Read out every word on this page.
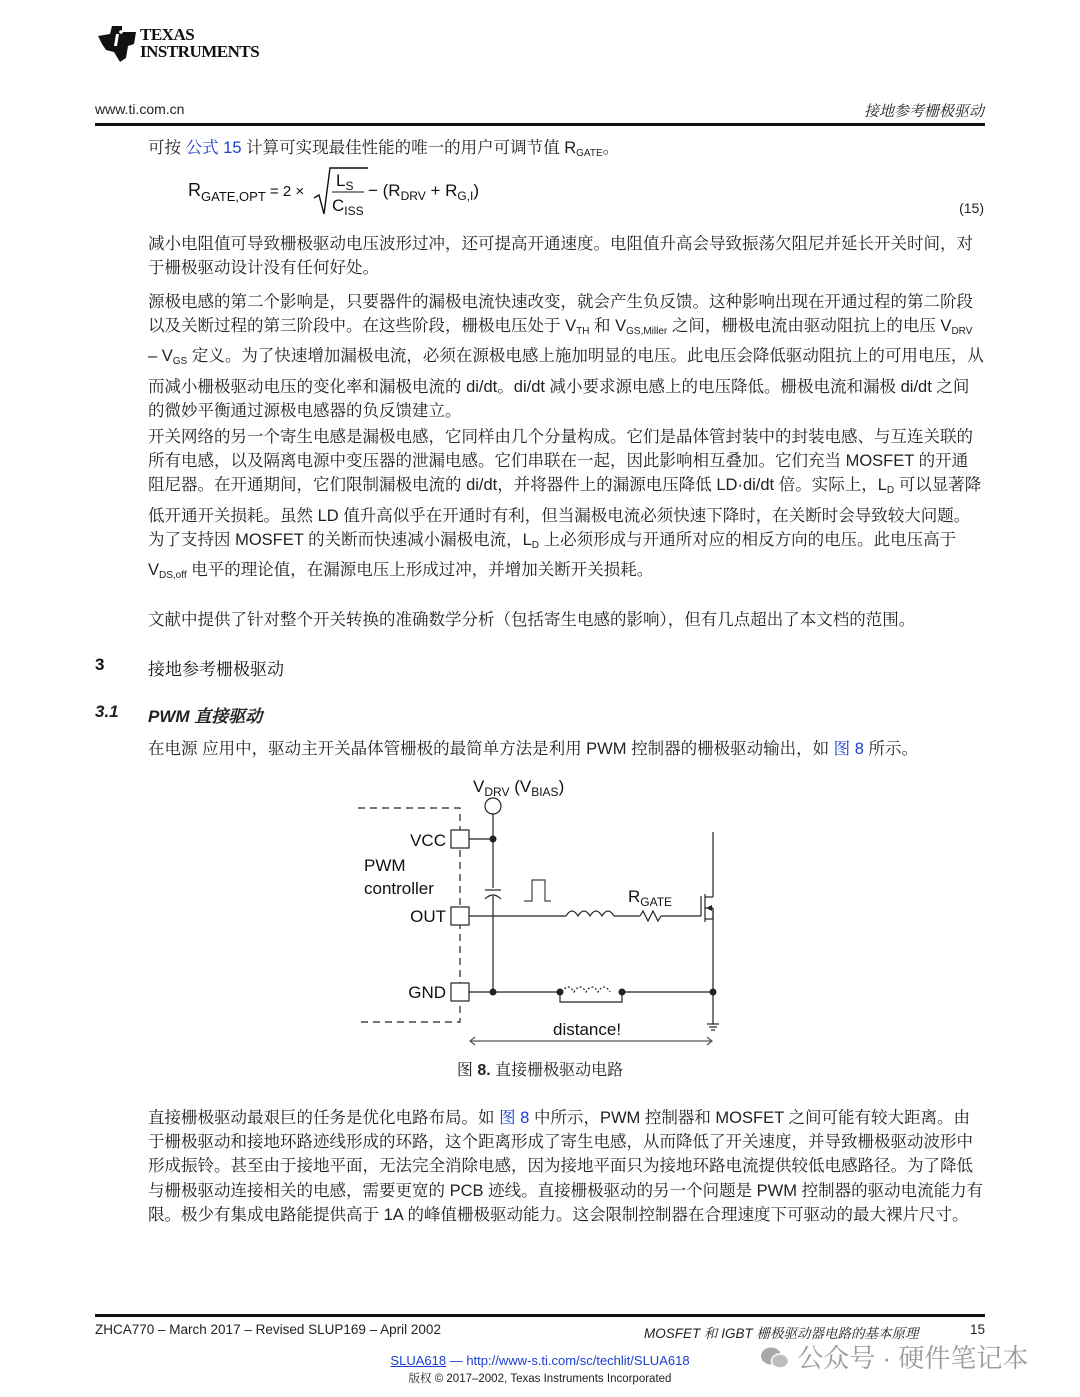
TEXAS
INSTRUMENTS
www.ti.com.cn	接地参考栅极驱动
可按 公式 15 计算可实现最佳性能的唯一的用户可调节值 $R_{GATE}$。
$R_{GATE,OPT}$ $^{= 2 \times}$
$L_S$
$C_{ISS}$
− $(R_{DRV} + R_{G,I})$
(15)
减小电阻值可导致栅极驱动电压波形过冲，还可提高开通速度。电阻值升高会导致振荡欠阻尼并延长开关时间，对于栅极驱动设计没有任何好处。
源极电感的第二个影响是，只要器件的漏极电流快速改变，就会产生负反馈。这种影响出现在开通过程的第二阶段以及关断过程的第三阶段中。在这些阶段，栅极电压处于 $V_{TH}$ 和 $V_{GS,Miller}$ 之间，栅极电流由驱动阻抗上的电压 $V_{DRV} - V_{GS}$ 定义。为了快速增加漏极电流，必须在源极电感上施加明显的电压。此电压会降低驱动阻抗上的可用电压，从而减小栅极驱动电压的变化率和漏极电流的 di/dt。di/dt 减小要求源电感上的电压降低。栅极电流和漏极 di/dt 之间的微妙平衡通过源极电感器的负反馈建立。
开关网络的另一个寄生电感是漏极电感，它同样由几个分量构成。它们是晶体管封装中的封装电感、与互连关联的所有电感，以及隔离电源中变压器的泄漏电感。它们串联在一起，因此影响相互叠加。它们充当 MOSFET 的开通阻尼器。在开通期间，它们限制漏极电流的 di/dt，并将器件上的漏源电压降低 LD·di/dt 倍。实际上，$L_D$ 可以显著降低开通开关损耗。虽然 LD 值升高似乎在开通时有利，但当漏极电流必须快速下降时，在关断时会导致较大问题。为了支持因 MOSFET 的关断而快速减小漏极电流，$L_D$ 上必须形成与开通所对应的相反方向的电压。此电压高于 $V_{DS,off}$ 电平的理论值，在漏源电压上形成过冲，并增加关断开关损耗。
文献中提供了针对整个开关转换的准确数学分析（包括寄生电感的影响），但有几点超出了本文档的范围。
3	接地参考栅极驱动
3.1 PWM 直接驱动
在电源 应用中，驱动主开关晶体管栅极的最简单方法是利用 PWM 控制器的栅极驱动输出，如 图 8 所示。
$V_{DRV}$ $(V_{BIAS})$
VCC
PWM
controller
OUT
GND
$R_{GATE}$
distance!
图 8. 直接栅极驱动电路
直接栅极驱动最艰巨的任务是优化电路布局。如 图 8 中所示，PWM 控制器和 MOSFET 之间可能有较大距离。由于栅极驱动和接地环路迹线形成的环路，这个距离形成了寄生电感，从而降低了开关速度，并导致栅极驱动波形中形成振铃。甚至由于接地平面，无法完全消除电感，因为接地平面只为接地环路电流提供较低电感路径。为了降低与栅极驱动连接相关的电感，需要更宽的 PCB 迹线。直接栅极驱动的另一个问题是 PWM 控制器的驱动电流能力有限。极少有集成电路能提供高于 1A 的峰值栅极驱动能力。这会限制控制器在合理速度下可驱动的最大裸片尺寸。
ZHCA770 – March 2017 – Revised SLUP169 – April 2002	MOSFET 和 IGBT 栅极驱动器电路的基本原理	15
SLUA618 — http://www-s.ti.com/sc/techlit/SLUA618
版权 © 2017–2002, Texas Instruments Incorporated
公众号 · 硬件笔记本
